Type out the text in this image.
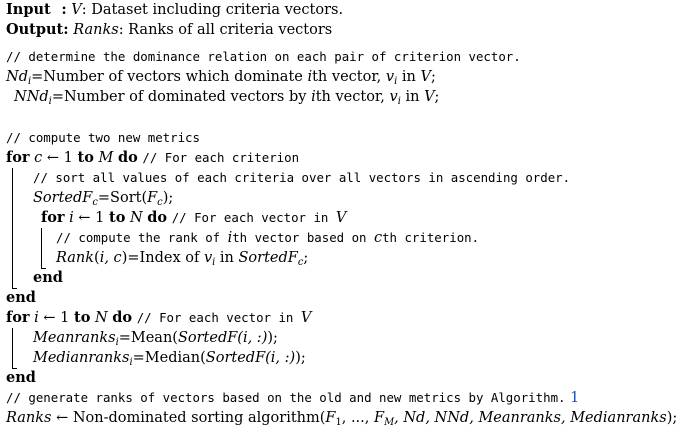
Input : V: Dataset including criteria vectors.
Output: Ranks: Ranks of all criteria vectors
// determine the dominance relation on each pair of criterion vector.
$Nd_i=Number$ of vectors which dominate ith vector, $v_i$ in V;
NNd$_i$=Number of dominated vectors by ith vector, $v_i$ in V;
// compute two new metrics
for c ← 1 to M do // For each criterion
// sort all values of each criteria over all vectors in ascending order.
$SortedF_c=Sort(F_c)$;
for i ← 1 to N do // For each vector in V
// compute the rank of ith vector based on cth criterion.
Rank(i, c)=Index of $v_i$ in SortedF$_c$;
end
end
for i ← 1 to N do // For each vector in V
Meanranks$_i$=Mean(SortedF(i, :));
Medianranks$_i$=Median(SortedF(i, :));
end
// generate ranks of vectors based on the old and new metrics by Algorithm. 1
Ranks ← Non-dominated sorting $algorithm(F_1$, ..., $F_M$, Nd, NNd, Meanranks, Medianranks);
